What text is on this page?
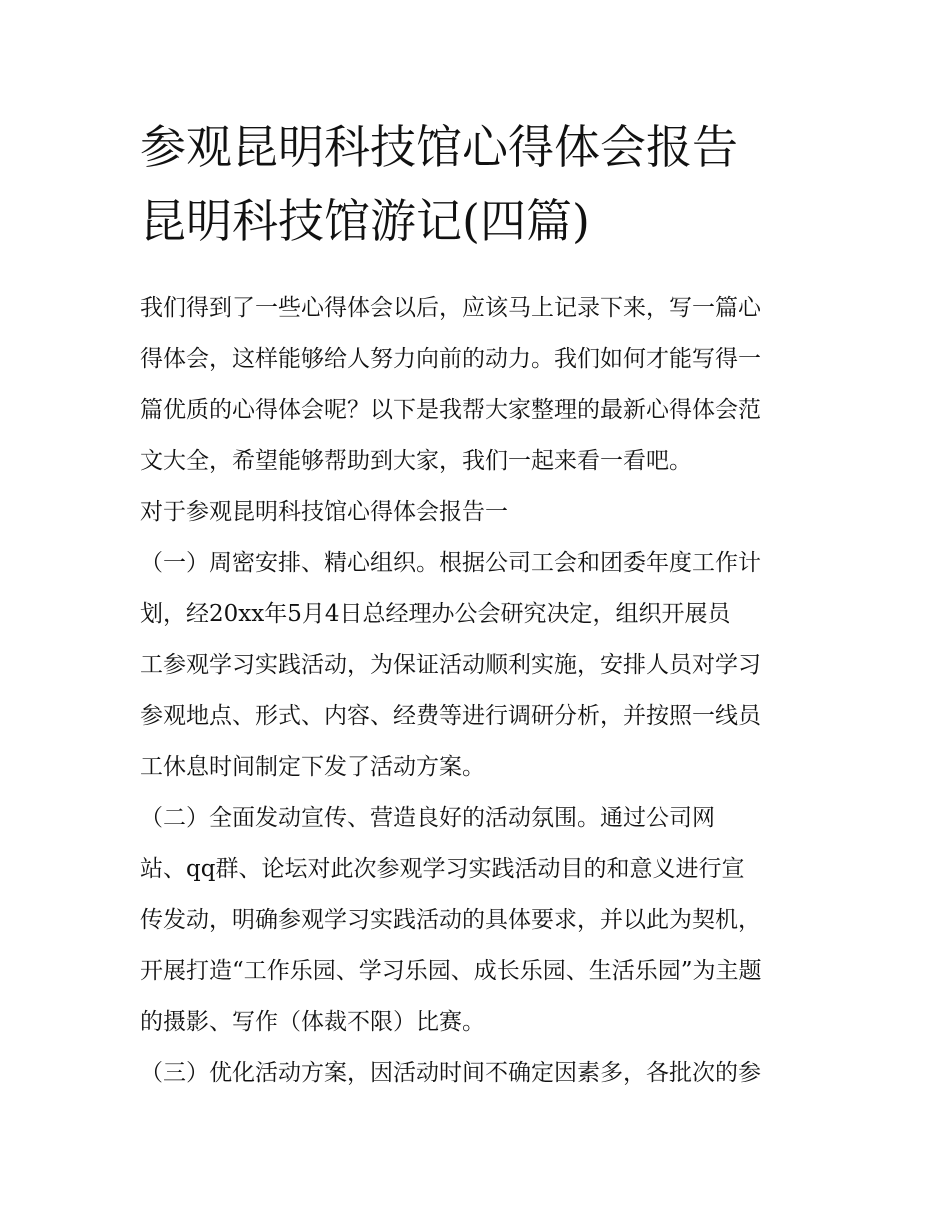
参观昆明科技馆心得体会报告
昆明科技馆游记(四篇)

我们得到了一些心得体会以后，应该马上记录下来，写一篇心
得体会，这样能够给人努力向前的动力。我们如何才能写得一
篇优质的心得体会呢？以下是我帮大家整理的最新心得体会范
文大全，希望能够帮助到大家，我们一起来看一看吧。

对于参观昆明科技馆心得体会报告一

（一）周密安排、精心组织。根据公司工会和团委年度工作计
划，经20xx年5月4日总经理办公会研究决定，组织开展员
工参观学习实践活动，为保证活动顺利实施，安排人员对学习
参观地点、形式、内容、经费等进行调研分析，并按照一线员
工休息时间制定下发了活动方案。

（二）全面发动宣传、营造良好的活动氛围。通过公司网
站、qq群、论坛对此次参观学习实践活动目的和意义进行宣
传发动，明确参观学习实践活动的具体要求，并以此为契机，
开展打造“工作乐园、学习乐园、成长乐园、生活乐园”为主题
的摄影、写作（体裁不限）比赛。

（三）优化活动方案，因活动时间不确定因素多，各批次的参
